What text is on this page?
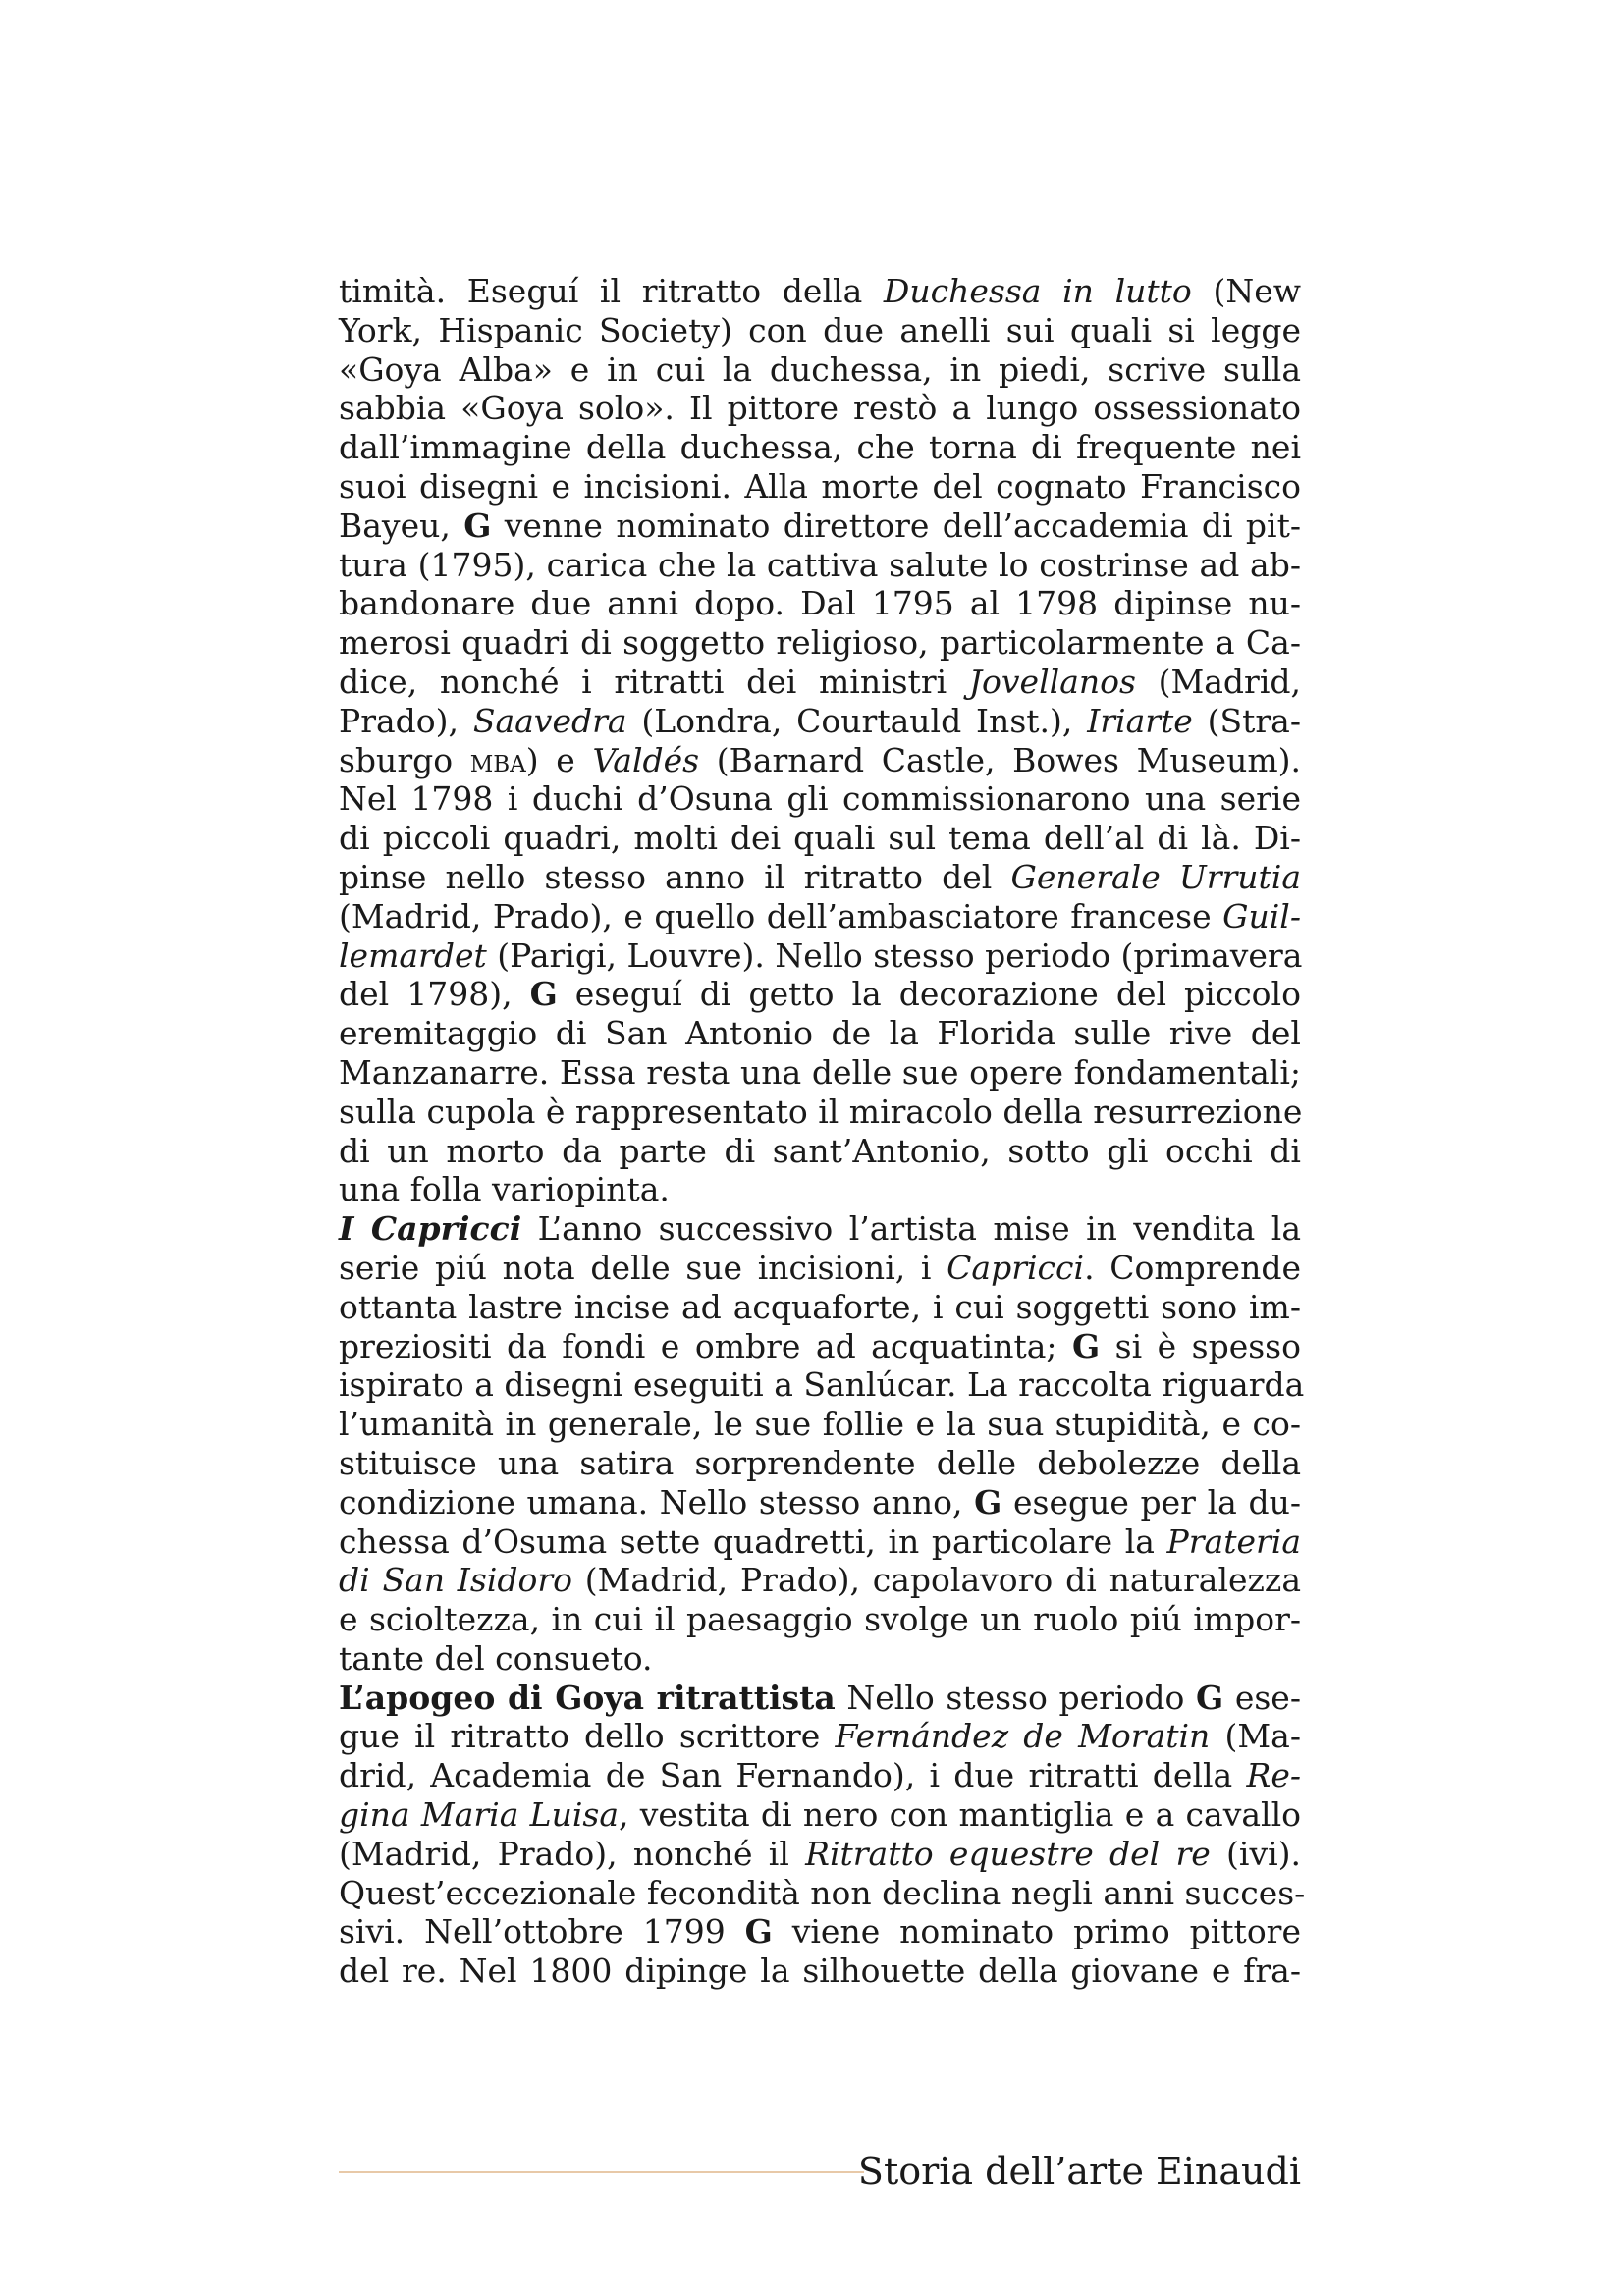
timità. Eseguí il ritratto della Duchessa in lutto (New
York, Hispanic Society) con due anelli sui quali si legge
«Goya Alba» e in cui la duchessa, in piedi, scrive sulla
sabbia «Goya solo». Il pittore restò a lungo ossessionato
dall’immagine della duchessa, che torna di frequente nei
suoi disegni e incisioni. Alla morte del cognato Francisco
Bayeu, G venne nominato direttore dell’accademia di pit-
tura (1795), carica che la cattiva salute lo costrinse ad ab-
bandonare due anni dopo. Dal 1795 al 1798 dipinse nu-
merosi quadri di soggetto religioso, particolarmente a Ca-
dice, nonché i ritratti dei ministri Jovellanos (Madrid,
Prado), Saavedra (Londra, Courtauld Inst.), Iriarte (Stra-
sburgo mba) e Valdés (Barnard Castle, Bowes Museum).
Nel 1798 i duchi d’Osuna gli commissionarono una serie
di piccoli quadri, molti dei quali sul tema dell’al di là. Di-
pinse nello stesso anno il ritratto del Generale Urrutia
(Madrid, Prado), e quello dell’ambasciatore francese Guil-
lemardet (Parigi, Louvre). Nello stesso periodo (primavera
del 1798), G eseguí di getto la decorazione del piccolo
eremitaggio di San Antonio de la Florida sulle rive del
Manzanarre. Essa resta una delle sue opere fondamentali;
sulla cupola è rappresentato il miracolo della resurrezione
di un morto da parte di sant’Antonio, sotto gli occhi di
una folla variopinta.
I Capricci L’anno successivo l’artista mise in vendita la
serie piú nota delle sue incisioni, i Capricci. Comprende
ottanta lastre incise ad acquaforte, i cui soggetti sono im-
preziositi da fondi e ombre ad acquatinta; G si è spesso
ispirato a disegni eseguiti a Sanlúcar. La raccolta riguarda
l’umanità in generale, le sue follie e la sua stupidità, e co-
stituisce una satira sorprendente delle debolezze della
condizione umana. Nello stesso anno, G esegue per la du-
chessa d’Osuma sette quadretti, in particolare la Prateria
di San Isidoro (Madrid, Prado), capolavoro di naturalezza
e scioltezza, in cui il paesaggio svolge un ruolo piú impor-
tante del consueto.
L’apogeo di Goya ritrattista Nello stesso periodo G ese-
gue il ritratto dello scrittore Fernández de Moratin (Ma-
drid, Academia de San Fernando), i due ritratti della Re-
gina Maria Luisa, vestita di nero con mantiglia e a cavallo
(Madrid, Prado), nonché il Ritratto equestre del re (ivi).
Quest’eccezionale fecondità non declina negli anni succes-
sivi. Nell’ottobre 1799 G viene nominato primo pittore
del re. Nel 1800 dipinge la silhouette della giovane e fra-
Storia dell’arte Einaudi
